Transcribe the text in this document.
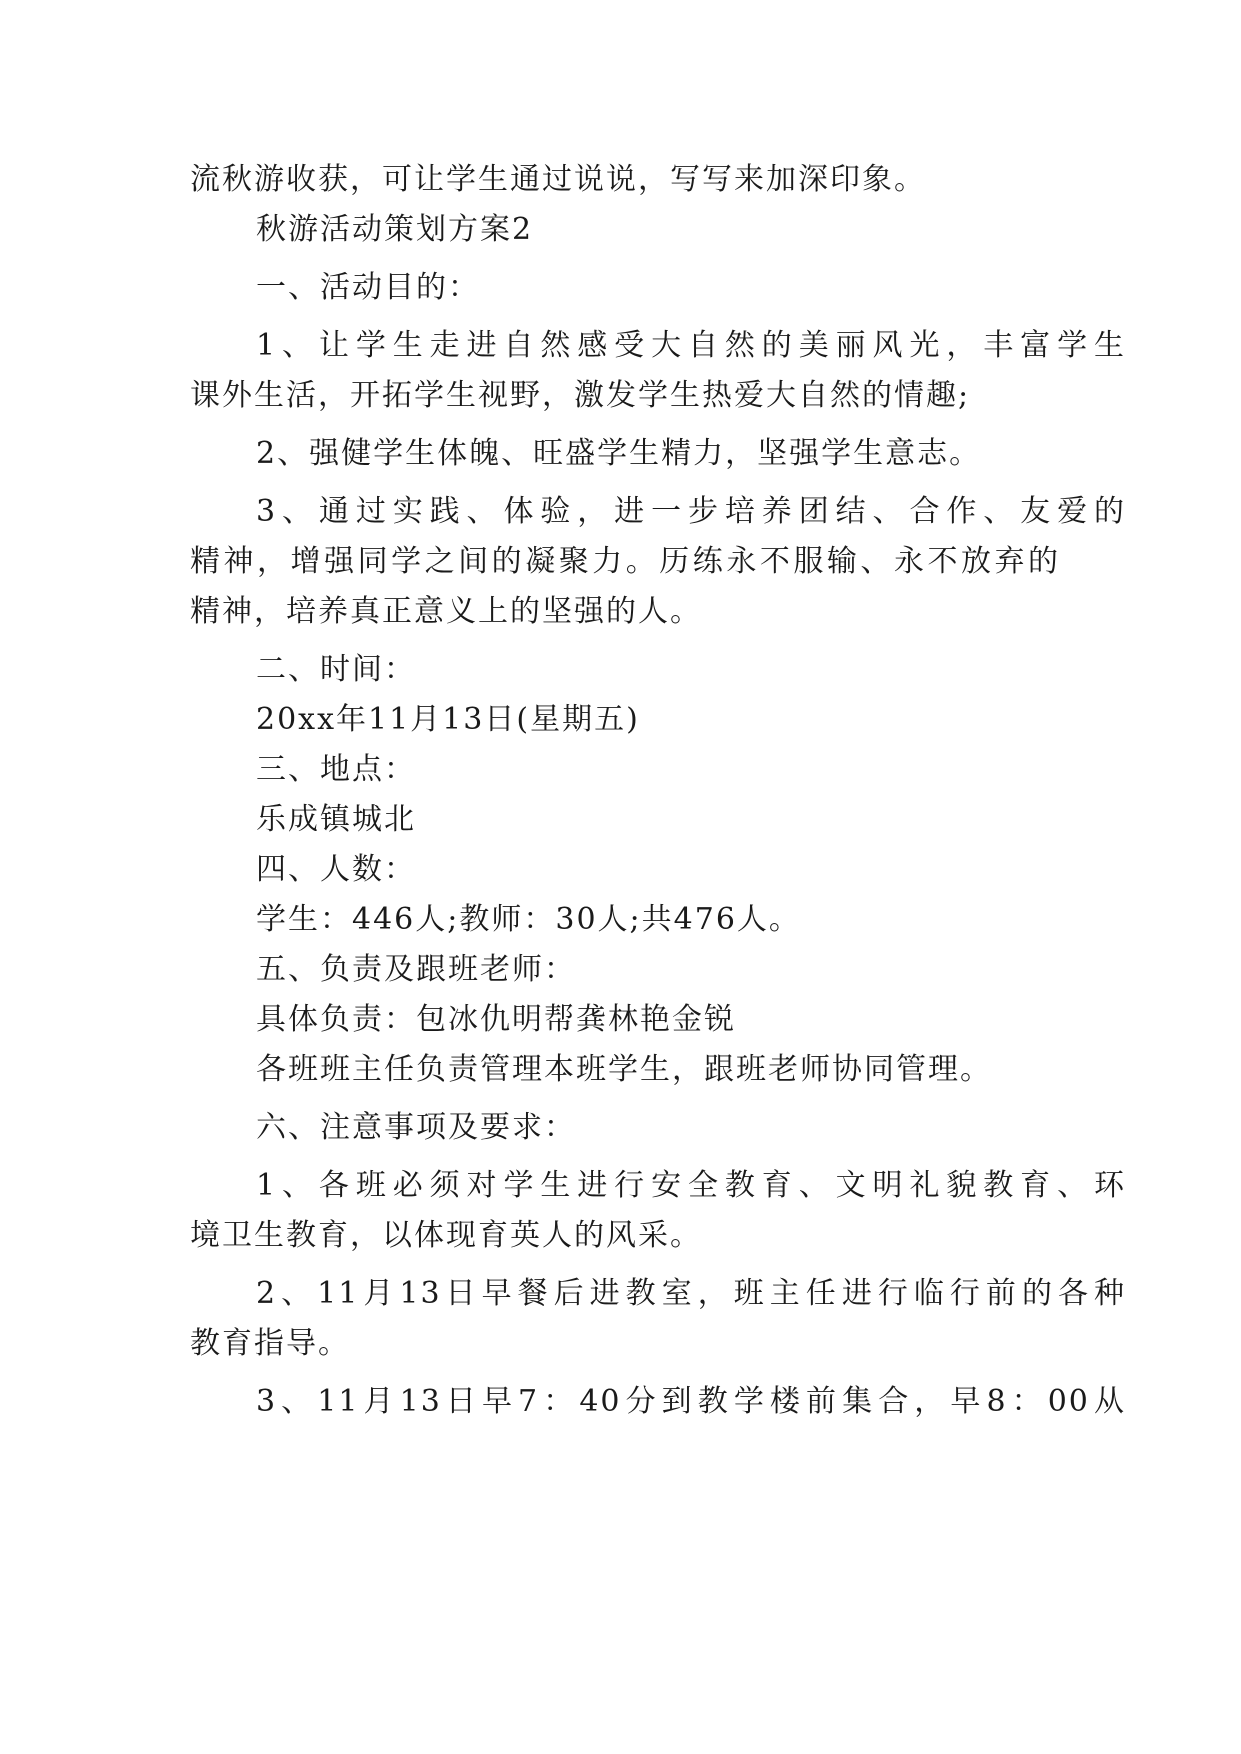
流秋游收获，可让学生通过说说，写写来加深印象。
秋游活动策划方案2
一、活动目的：
1、让学生走进自然感受大自然的美丽风光，丰富学生
课外生活，开拓学生视野，激发学生热爱大自然的情趣;
2、强健学生体魄、旺盛学生精力，坚强学生意志。
3、通过实践、体验，进一步培养团结、合作、友爱的
精神，增强同学之间的凝聚力。历练永不服输、永不放弃的
精神，培养真正意义上的坚强的人。
二、时间：
20xx年11月13日(星期五)
三、地点：
乐成镇城北
四、人数：
学生：446人;教师：30人;共476人。
五、负责及跟班老师：
具体负责：包冰仇明帮龚林艳金锐
各班班主任负责管理本班学生，跟班老师协同管理。
六、注意事项及要求：
1、各班必须对学生进行安全教育、文明礼貌教育、环
境卫生教育，以体现育英人的风采。
2、11月13日早餐后进教室，班主任进行临行前的各种
教育指导。
3、11月13日早7：40分到教学楼前集合，早8：00从
